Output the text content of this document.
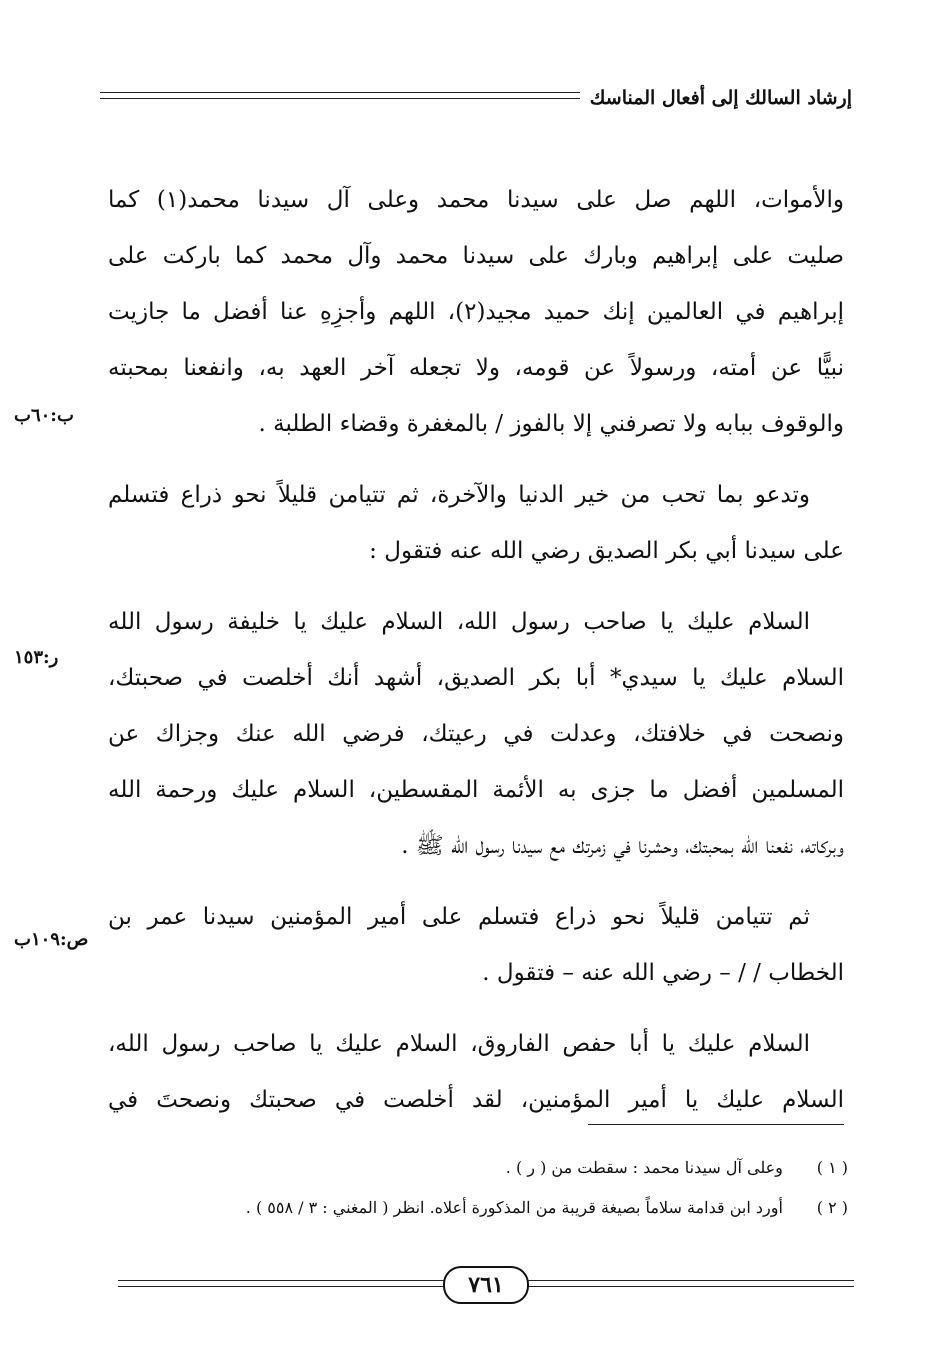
إرشاد السالك إلى أفعال المناسك
والأموات، اللهم صل على سيدنا محمد وعلى آل سيدنا محمد(١) كما
صليت على إبراهيم وبارك على سيدنا محمد وآل محمد كما باركت على
إبراهيم في العالمين إنك حميد مجيد(٢)، اللهم وأجزِهِ عنا أفضل ما جازيت
نبيًّا عن أمته، ورسولاً عن قومه، ولا تجعله آخر العهد به، وانفعنا بمحبته
والوقوف ببابه ولا تصرفني إلا بالفوز / بالمغفرة وقضاء الطلبة .
وتدعو بما تحب من خير الدنيا والآخرة، ثم تتيامن قليلاً نحو ذراع فتسلم
على سيدنا أبي بكر الصديق رضي الله عنه فتقول :
السلام عليك يا صاحب رسول الله، السلام عليك يا خليفة رسول الله
السلام عليك يا سيدي* أبا بكر الصديق، أشهد أنك أخلصت في صحبتك،
ونصحت في خلافتك، وعدلت في رعيتك، فرضي الله عنك وجزاك عن
المسلمين أفضل ما جزى به الأئمة المقسطين، السلام عليك ورحمة الله
وبركاته، نفعنا الله بمحبتك، وحشرنا في زمرتك مع سيدنا رسول الله ﷺ .
ثم تتيامن قليلاً نحو ذراع فتسلم على أمير المؤمنين سيدنا عمر بن
الخطاب / / – رضي الله عنه – فتقول .
السلام عليك يا أبا حفص الفاروق، السلام عليك يا صاحب رسول الله،
السلام عليك يا أمير المؤمنين، لقد أخلصت في صحبتك ونصحتَ في
ب:٦٠ب
ر:١٥٣
ص:١٠٩ب
( ١ ) وعلى آل سيدنا محمد : سقطت من ( ر ) .
( ٢ ) أورد ابن قدامة سلاماً بصيغة قريبة من المذكورة أعلاه. انظر ( المغني : ٣ / ٥٥٨ ) .
٧٦١
